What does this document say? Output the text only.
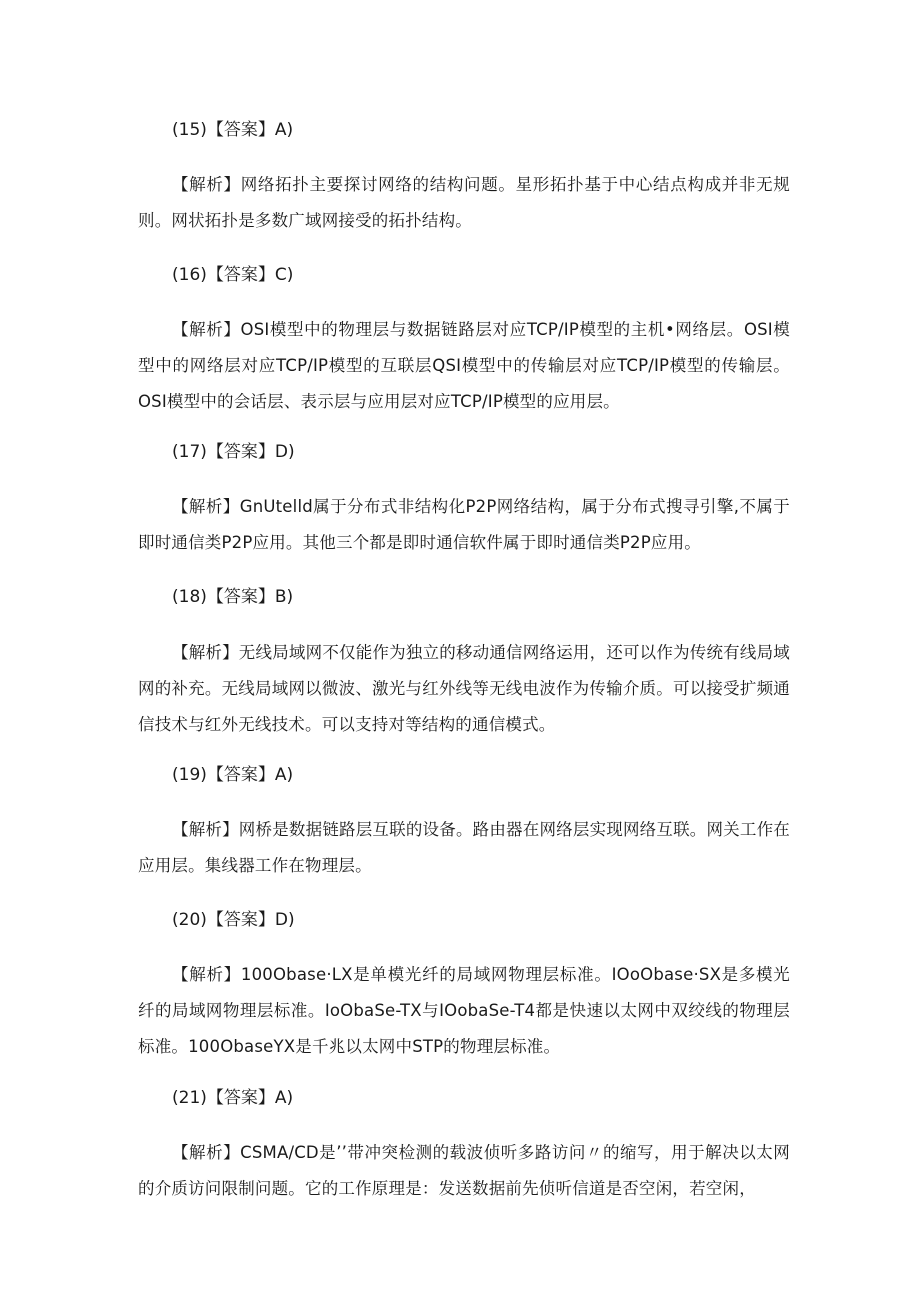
(15)【答案】A)

【解析】网络拓扑主要探讨网络的结构问题。星形拓扑基于中心结点构成并非无规则。网状拓扑是多数广域网接受的拓扑结构。

(16)【答案】C)

【解析】OSI模型中的物理层与数据链路层对应TCP/IP模型的主机•网络层。OSI模型中的网络层对应TCP/IP模型的互联层QSI模型中的传输层对应TCP/IP模型的传输层。OSI模型中的会话层、表示层与应用层对应TCP/IP模型的应用层。

(17)【答案】D)

【解析】GnUtelld属于分布式非结构化P2P网络结构，属于分布式搜寻引擎,不属于即时通信类P2P应用。其他三个都是即时通信软件属于即时通信类P2P应用。

(18)【答案】B)

【解析】无线局域网不仅能作为独立的移动通信网络运用，还可以作为传统有线局域网的补充。无线局域网以微波、激光与红外线等无线电波作为传输介质。可以接受扩频通信技术与红外无线技术。可以支持对等结构的通信模式。

(19)【答案】A)

【解析】网桥是数据链路层互联的设备。路由器在网络层实现网络互联。网关工作在应用层。集线器工作在物理层。

(20)【答案】D)

【解析】100Obase·LX是单模光纤的局域网物理层标准。IOoObase·SX是多模光纤的局域网物理层标准。IoObaSe-TX与IOobaSe-T4都是快速以太网中双绞线的物理层标准。100ObaseYX是千兆以太网中STP的物理层标准。

(21)【答案】A)

【解析】CSMA/CD是’’带冲突检测的载波侦听多路访问〃的缩写，用于解决以太网的介质访问限制问题。它的工作原理是：发送数据前先侦听信道是否空闲，若空闲，
